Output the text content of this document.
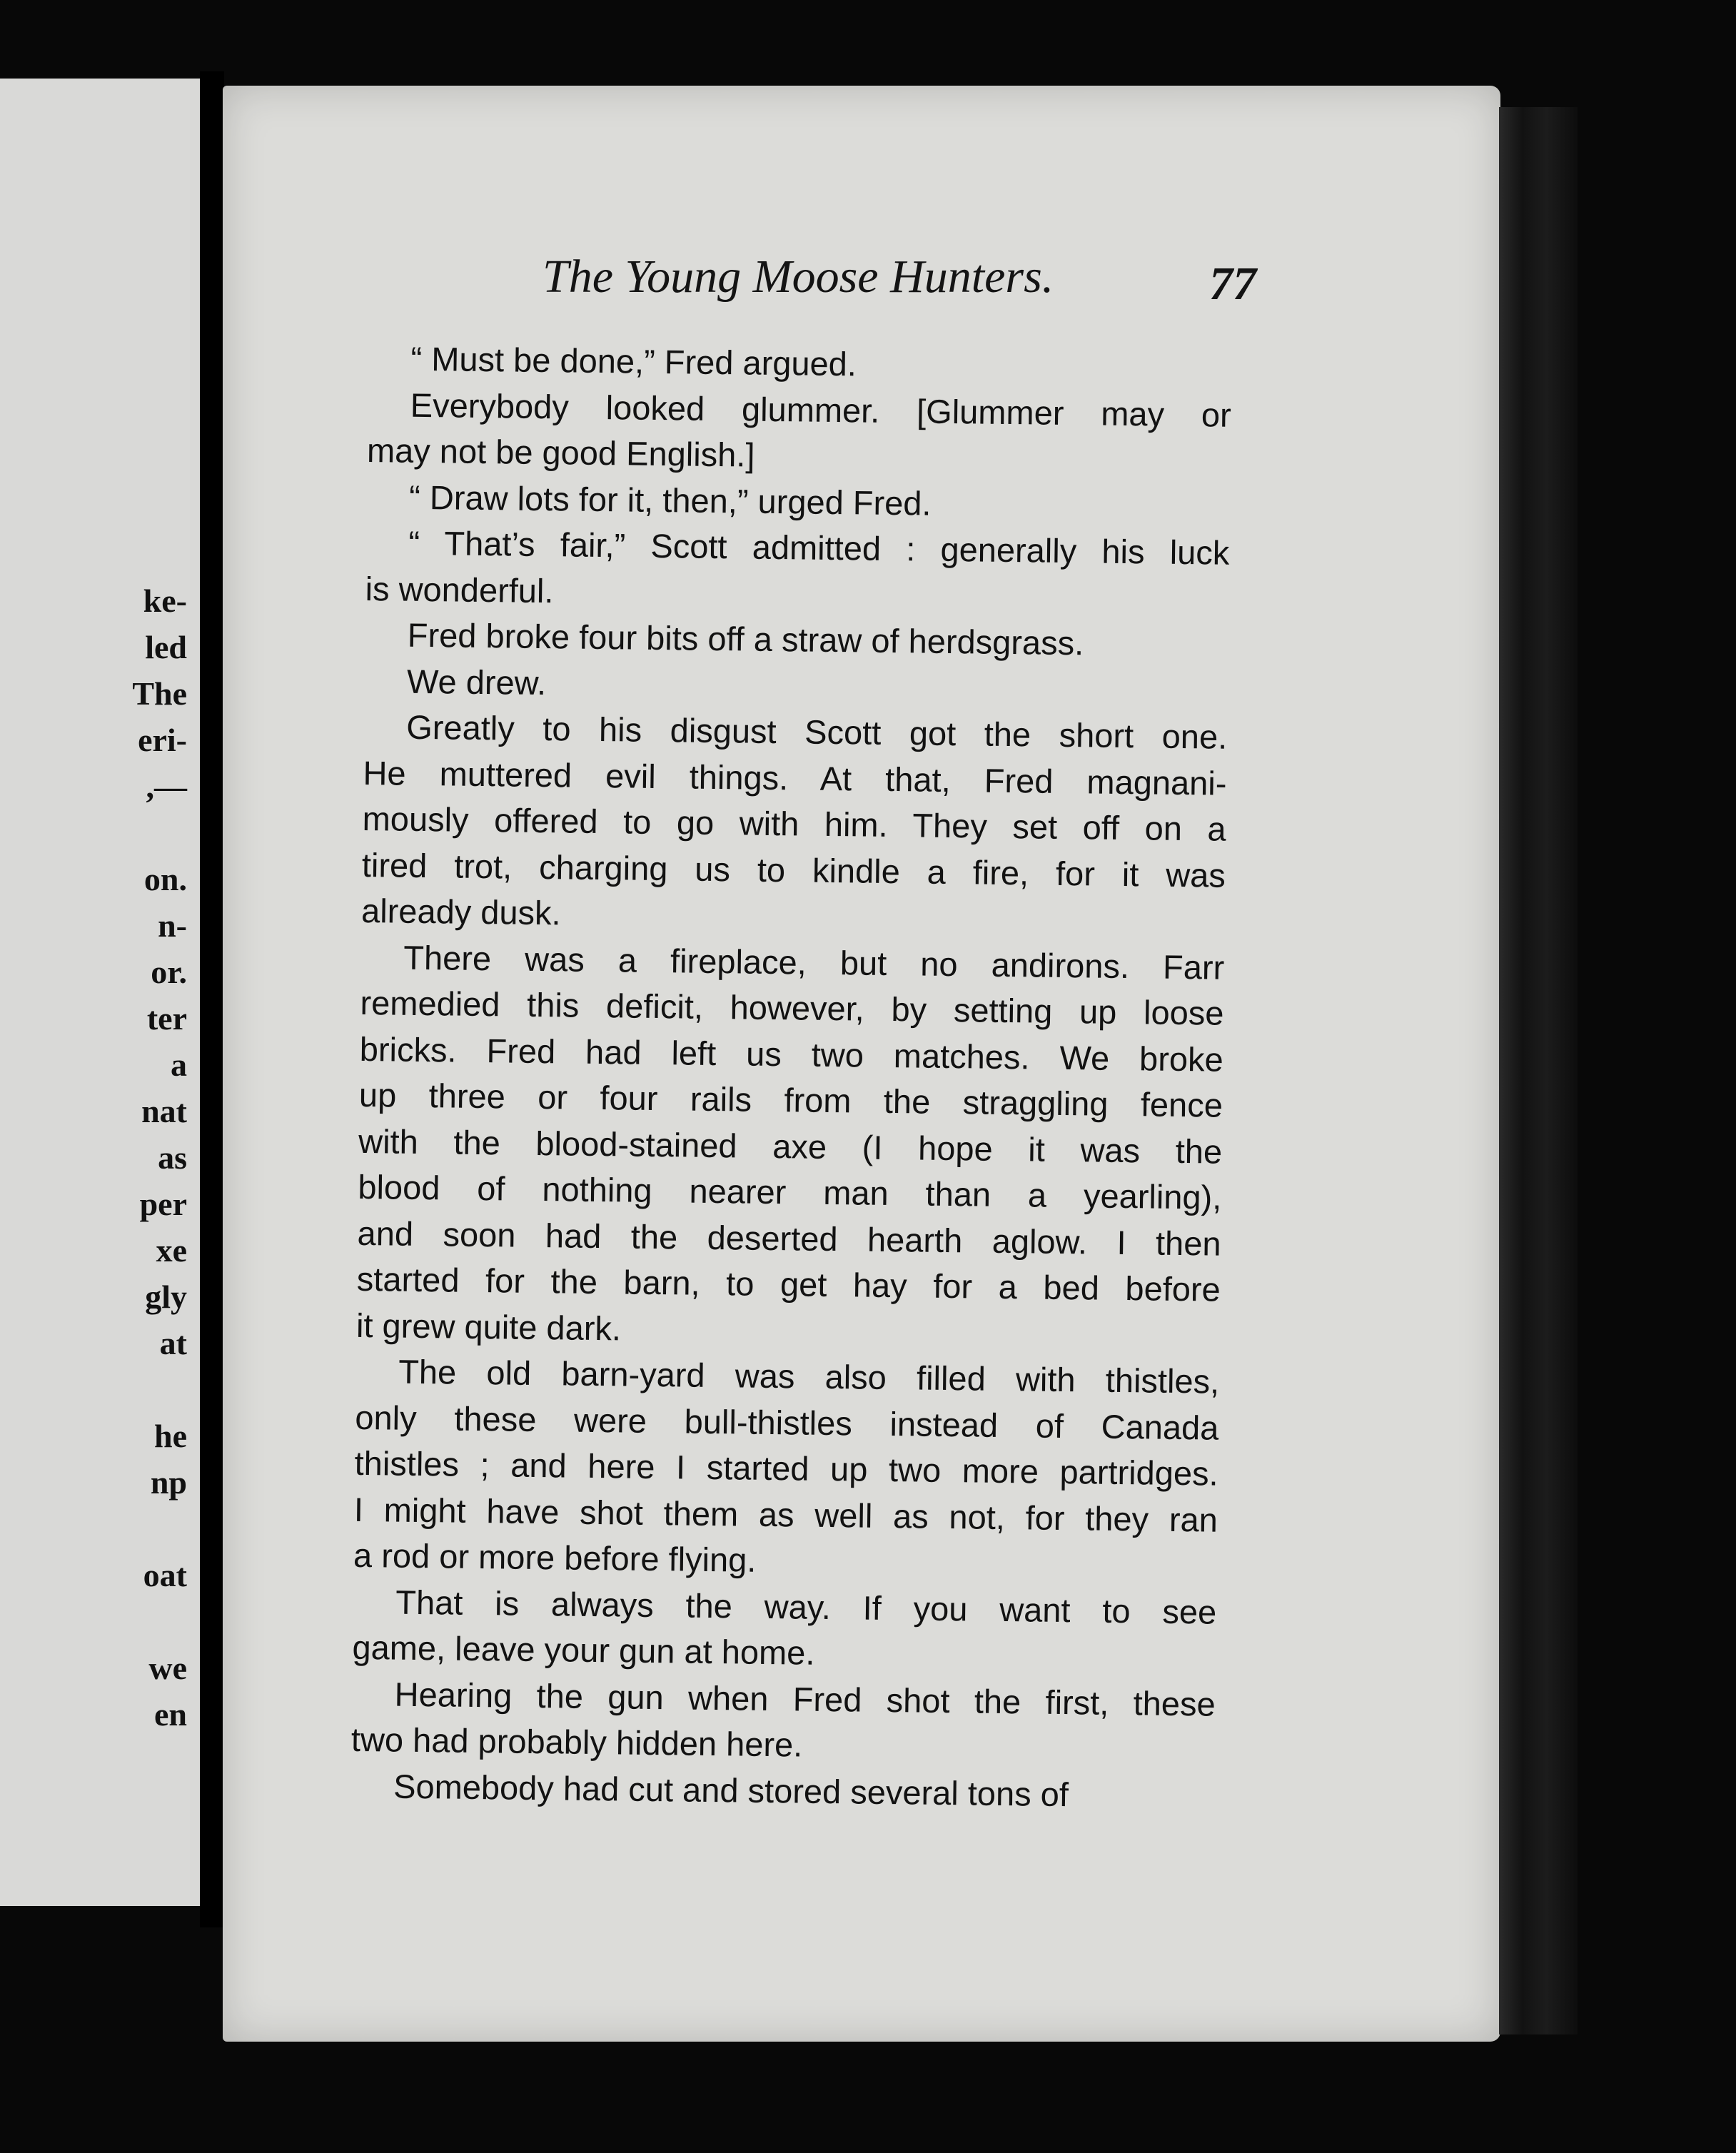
ke-
led
The
eri-
,—
on.
n-
or.
ter
a
nat
as
per
xe
gly
at
he
np
oat
we
en
The Young Moose Hunters.	77
“ Must be done,” Fred argued.
Everybody looked glummer. [Glummer may or
may not be good English.]
“ Draw lots for it, then,” urged Fred.
“ That’s fair,” Scott admitted : generally his luck
is wonderful.
Fred broke four bits off a straw of herdsgrass.
We drew.
Greatly to his disgust Scott got the short one.
He muttered evil things. At that, Fred magnani-
mously offered to go with him. They set off on a
tired trot, charging us to kindle a fire, for it was
already dusk.
There was a fireplace, but no andirons. Farr
remedied this deficit, however, by setting up loose
bricks. Fred had left us two matches. We broke
up three or four rails from the straggling fence
with the blood-stained axe (I hope it was the
blood of nothing nearer man than a yearling),
and soon had the deserted hearth aglow. I then
started for the barn, to get hay for a bed before
it grew quite dark.
The old barn-yard was also filled with thistles,
only these were bull-thistles instead of Canada
thistles ; and here I started up two more partridges.
I might have shot them as well as not, for they ran
a rod or more before flying.
That is always the way. If you want to see
game, leave your gun at home.
Hearing the gun when Fred shot the first, these
two had probably hidden here.
Somebody had cut and stored several tons of
